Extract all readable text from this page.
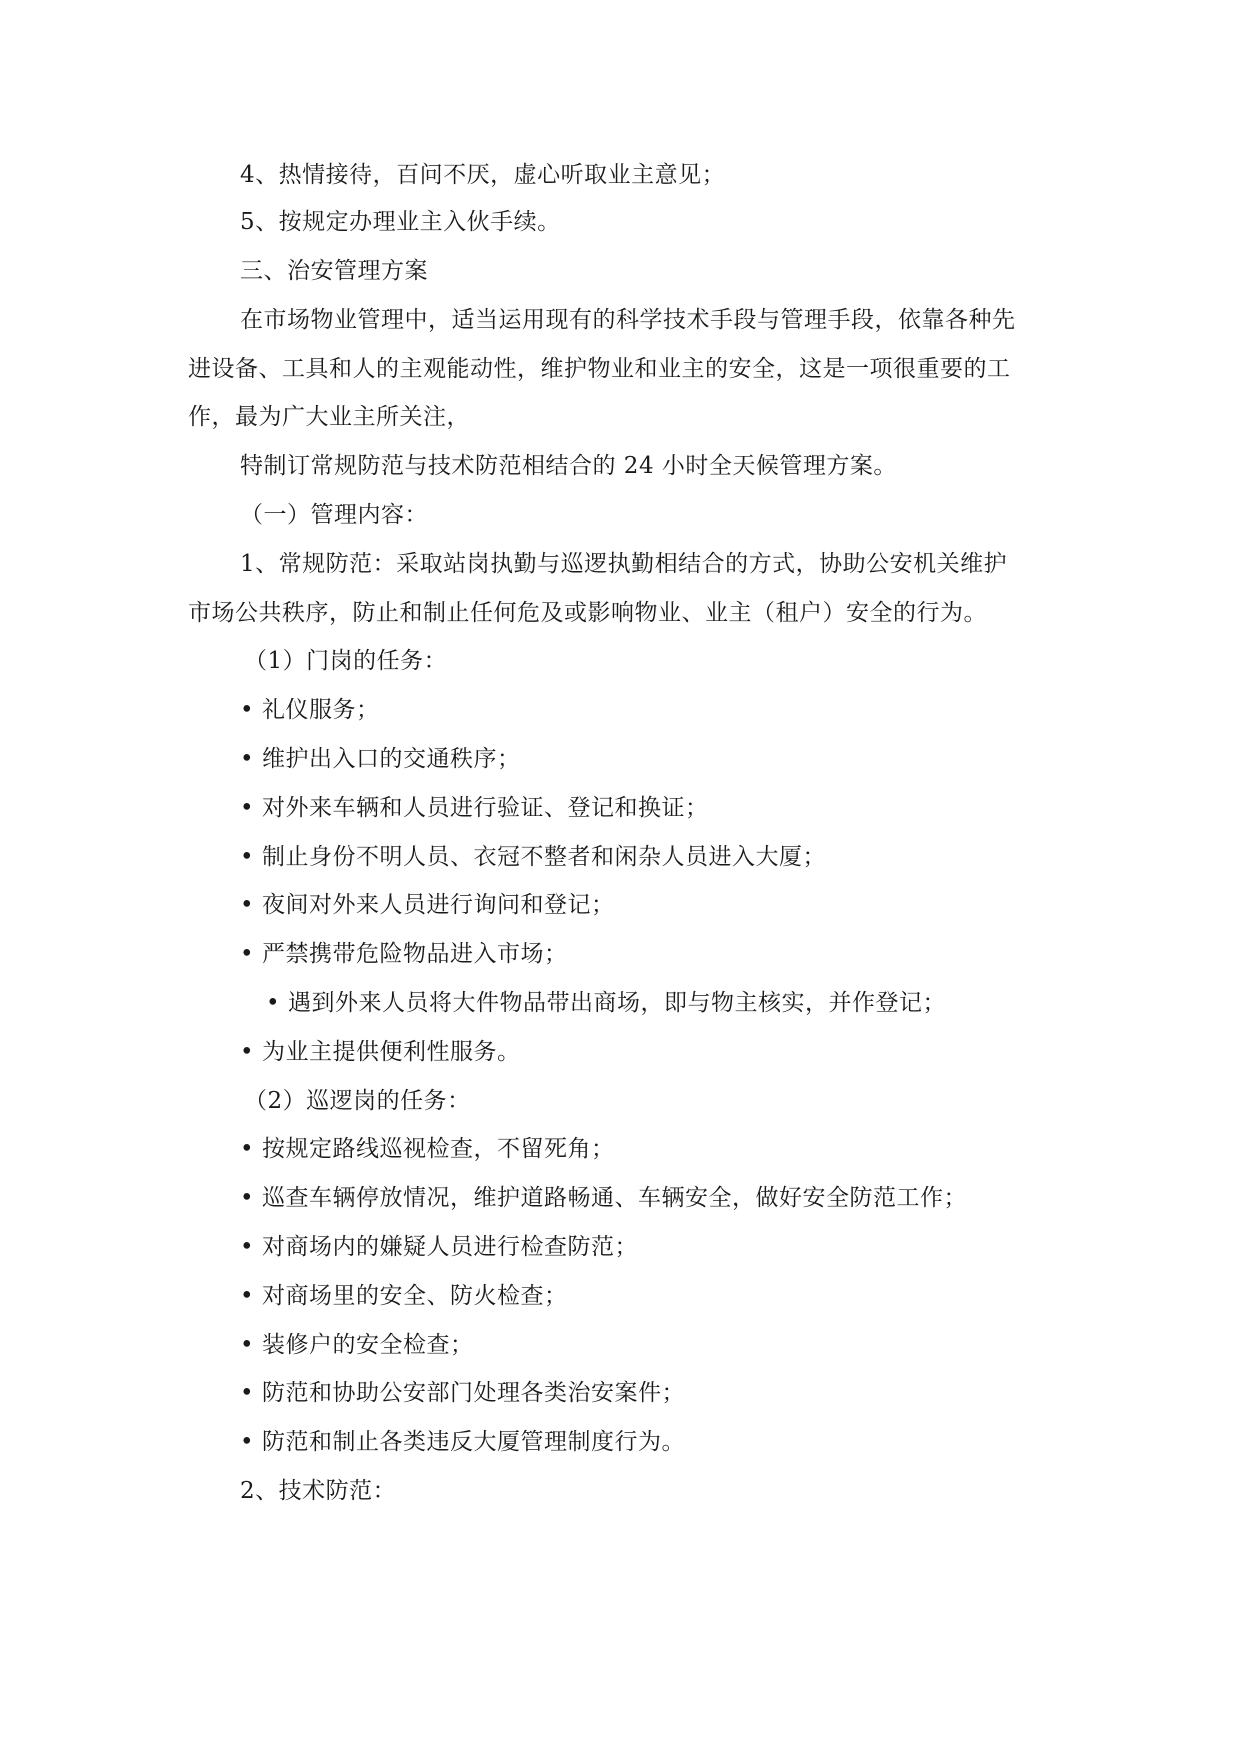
4、热情接待，百问不厌，虚心听取业主意见；
5、按规定办理业主入伙手续。
三、治安管理方案
在市场物业管理中，适当运用现有的科学技术手段与管理手段，依靠各种先
进设备、工具和人的主观能动性，维护物业和业主的安全，这是一项很重要的工
作，最为广大业主所关注，
特制订常规防范与技术防范相结合的 24 小时全天候管理方案。
（一）管理内容：
1、常规防范：采取站岗执勤与巡逻执勤相结合的方式，协助公安机关维护
市场公共秩序，防止和制止任何危及或影响物业、业主（租户）安全的行为。
（1）门岗的任务：
• 礼仪服务；
• 维护出入口的交通秩序；
• 对外来车辆和人员进行验证、登记和换证；
• 制止身份不明人员、衣冠不整者和闲杂人员进入大厦；
• 夜间对外来人员进行询问和登记；
• 严禁携带危险物品进入市场；
• 遇到外来人员将大件物品带出商场，即与物主核实，并作登记；
• 为业主提供便利性服务。
（2）巡逻岗的任务：
• 按规定路线巡视检查，不留死角；
• 巡查车辆停放情况，维护道路畅通、车辆安全，做好安全防范工作；
• 对商场内的嫌疑人员进行检查防范；
• 对商场里的安全、防火检查；
• 装修户的安全检查；
• 防范和协助公安部门处理各类治安案件；
• 防范和制止各类违反大厦管理制度行为。
2、技术防范：
